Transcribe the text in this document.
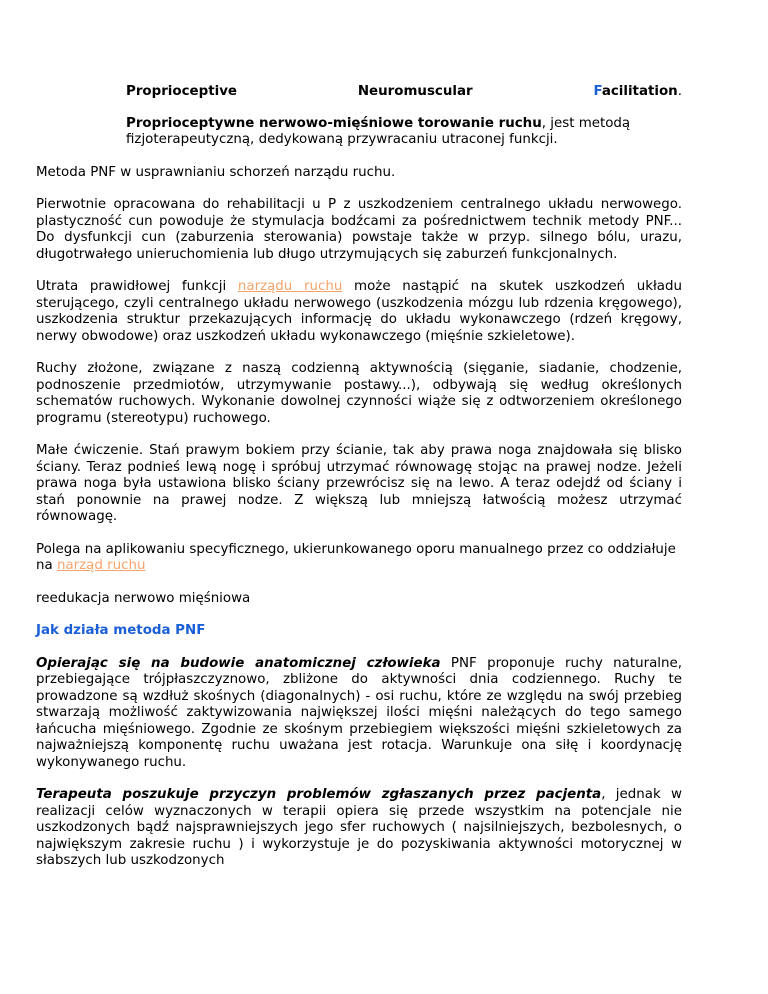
Proprioceptive	Neuromuscular	Facilitation.

Proprioceptywne nerwowo-mięśniowe torowanie ruchu, jest metodą fizjoterapeutyczną, dedykowaną przywracaniu utraconej funkcji.

Metoda PNF w usprawnianiu schorzeń narządu ruchu.

Pierwotnie opracowana do rehabilitacji u P z uszkodzeniem centralnego układu nerwowego. plastyczność cun powoduje że stymulacja bodźcami za pośrednictwem technik metody PNF... Do dysfunkcji cun (zaburzenia sterowania) powstaje także w przyp. silnego bólu, urazu, długotrwałego unieruchomienia lub długo utrzymujących się zaburzeń funkcjonalnych.

Utrata prawidłowej funkcji narządu ruchu może nastąpić na skutek uszkodzeń układu sterującego, czyli centralnego układu nerwowego (uszkodzenia mózgu lub rdzenia kręgowego), uszkodzenia struktur przekazujących informację do układu wykonawczego (rdzeń kręgowy, nerwy obwodowe) oraz uszkodzeń układu wykonawczego (mięśnie szkieletowe).

Ruchy złożone, związane z naszą codzienną aktywnością (sięganie, siadanie, chodzenie, podnoszenie przedmiotów, utrzymywanie postawy...), odbywają się według określonych schematów ruchowych. Wykonanie dowolnej czynności wiąże się z odtworzeniem określonego programu (stereotypu) ruchowego.

Małe ćwiczenie. Stań prawym bokiem przy ścianie, tak aby prawa noga znajdowała się blisko ściany. Teraz podnieś lewą nogę i spróbuj utrzymać równowagę stojąc na prawej nodze. Jeżeli prawa noga była ustawiona blisko ściany przewrócisz się na lewo. A teraz odejdź od ściany i stań ponownie na prawej nodze. Z większą lub mniejszą łatwością możesz utrzymać równowagę.

Polega na aplikowaniu specyficznego, ukierunkowanego oporu manualnego przez co oddziałuje na narząd ruchu

reedukacja nerwowo mięśniowa

Jak działa metoda PNF

Opierając się na budowie anatomicznej człowieka PNF proponuje ruchy naturalne, przebiegające trójpłaszczyznowo, zbliżone do aktywności dnia codziennego. Ruchy te prowadzone są wzdłuż skośnych (diagonalnych) - osi ruchu, które ze względu na swój przebieg stwarzają możliwość zaktywizowania największej ilości mięśni należących do tego samego łańcucha mięśniowego. Zgodnie ze skośnym przebiegiem większości mięśni szkieletowych za najważniejszą komponentę ruchu uważana jest rotacja. Warunkuje ona siłę i koordynację wykonywanego ruchu.

Terapeuta poszukuje przyczyn problemów zgłaszanych przez pacjenta, jednak w realizacji celów wyznaczonych w terapii opiera się przede wszystkim na potencjale nie uszkodzonych bądź najsprawniejszych jego sfer ruchowych ( najsilniejszych, bezbolesnych, o największym zakresie ruchu ) i wykorzystuje je do pozyskiwania aktywności motorycznej w słabszych lub uszkodzonych
